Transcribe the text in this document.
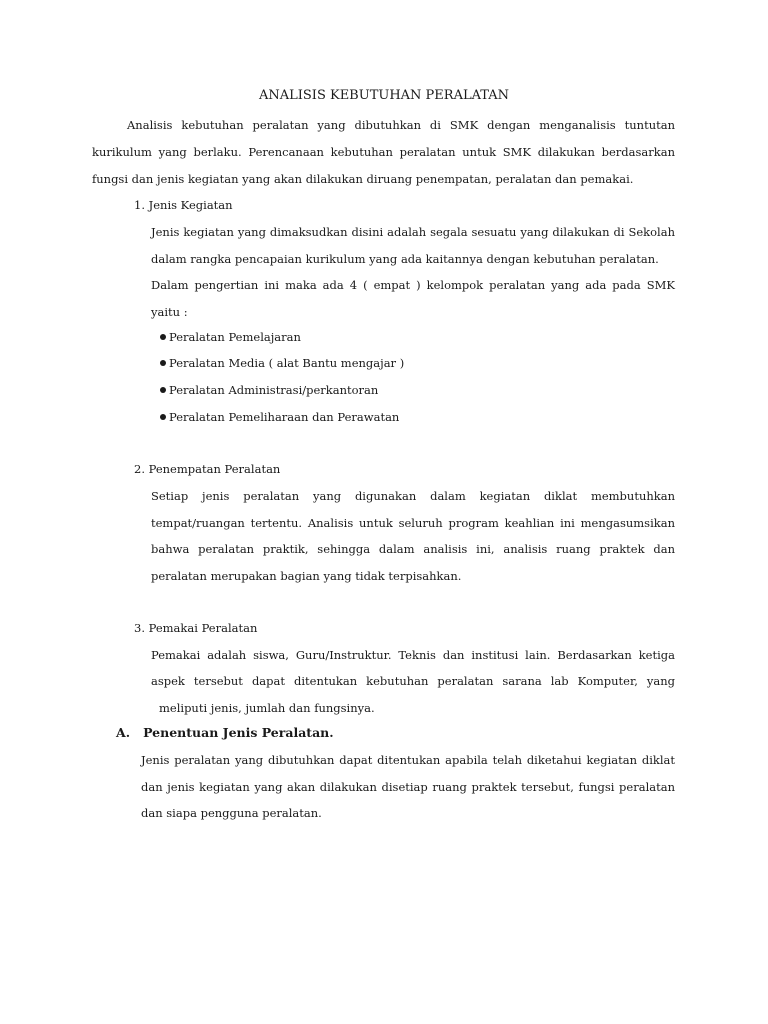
ANALISIS KEBUTUHAN PERALATAN
Analisis kebutuhan peralatan yang dibutuhkan di SMK dengan menganalisis tuntutan
kurikulum yang berlaku. Perencanaan kebutuhan peralatan untuk SMK dilakukan berdasarkan
fungsi dan jenis kegiatan yang akan dilakukan diruang penempatan, peralatan dan pemakai.
1. Jenis Kegiatan
Jenis kegiatan yang dimaksudkan disini adalah segala sesuatu yang dilakukan di Sekolah
dalam rangka pencapaian kurikulum yang ada kaitannya dengan kebutuhan peralatan.
Dalam pengertian ini maka ada 4 ( empat ) kelompok peralatan yang ada pada SMK
yaitu :
Peralatan Pemelajaran
Peralatan Media ( alat Bantu mengajar )
Peralatan Administrasi/perkantoran
Peralatan Pemeliharaan dan Perawatan
2. Penempatan Peralatan
Setiap jenis peralatan yang digunakan dalam kegiatan diklat membutuhkan
tempat/ruangan tertentu. Analisis untuk seluruh program keahlian ini mengasumsikan
bahwa peralatan praktik, sehingga dalam analisis ini, analisis ruang praktek dan
peralatan merupakan bagian yang tidak terpisahkan.
3. Pemakai Peralatan
Pemakai adalah siswa, Guru/Instruktur. Teknis dan institusi lain. Berdasarkan ketiga
aspek tersebut dapat ditentukan kebutuhan peralatan sarana lab Komputer, yang
meliputi jenis, jumlah dan fungsinya.
A.   Penentuan Jenis Peralatan.
Jenis peralatan yang dibutuhkan dapat ditentukan apabila telah diketahui kegiatan diklat
dan jenis kegiatan yang akan dilakukan disetiap ruang praktek tersebut, fungsi peralatan
dan siapa pengguna peralatan.
